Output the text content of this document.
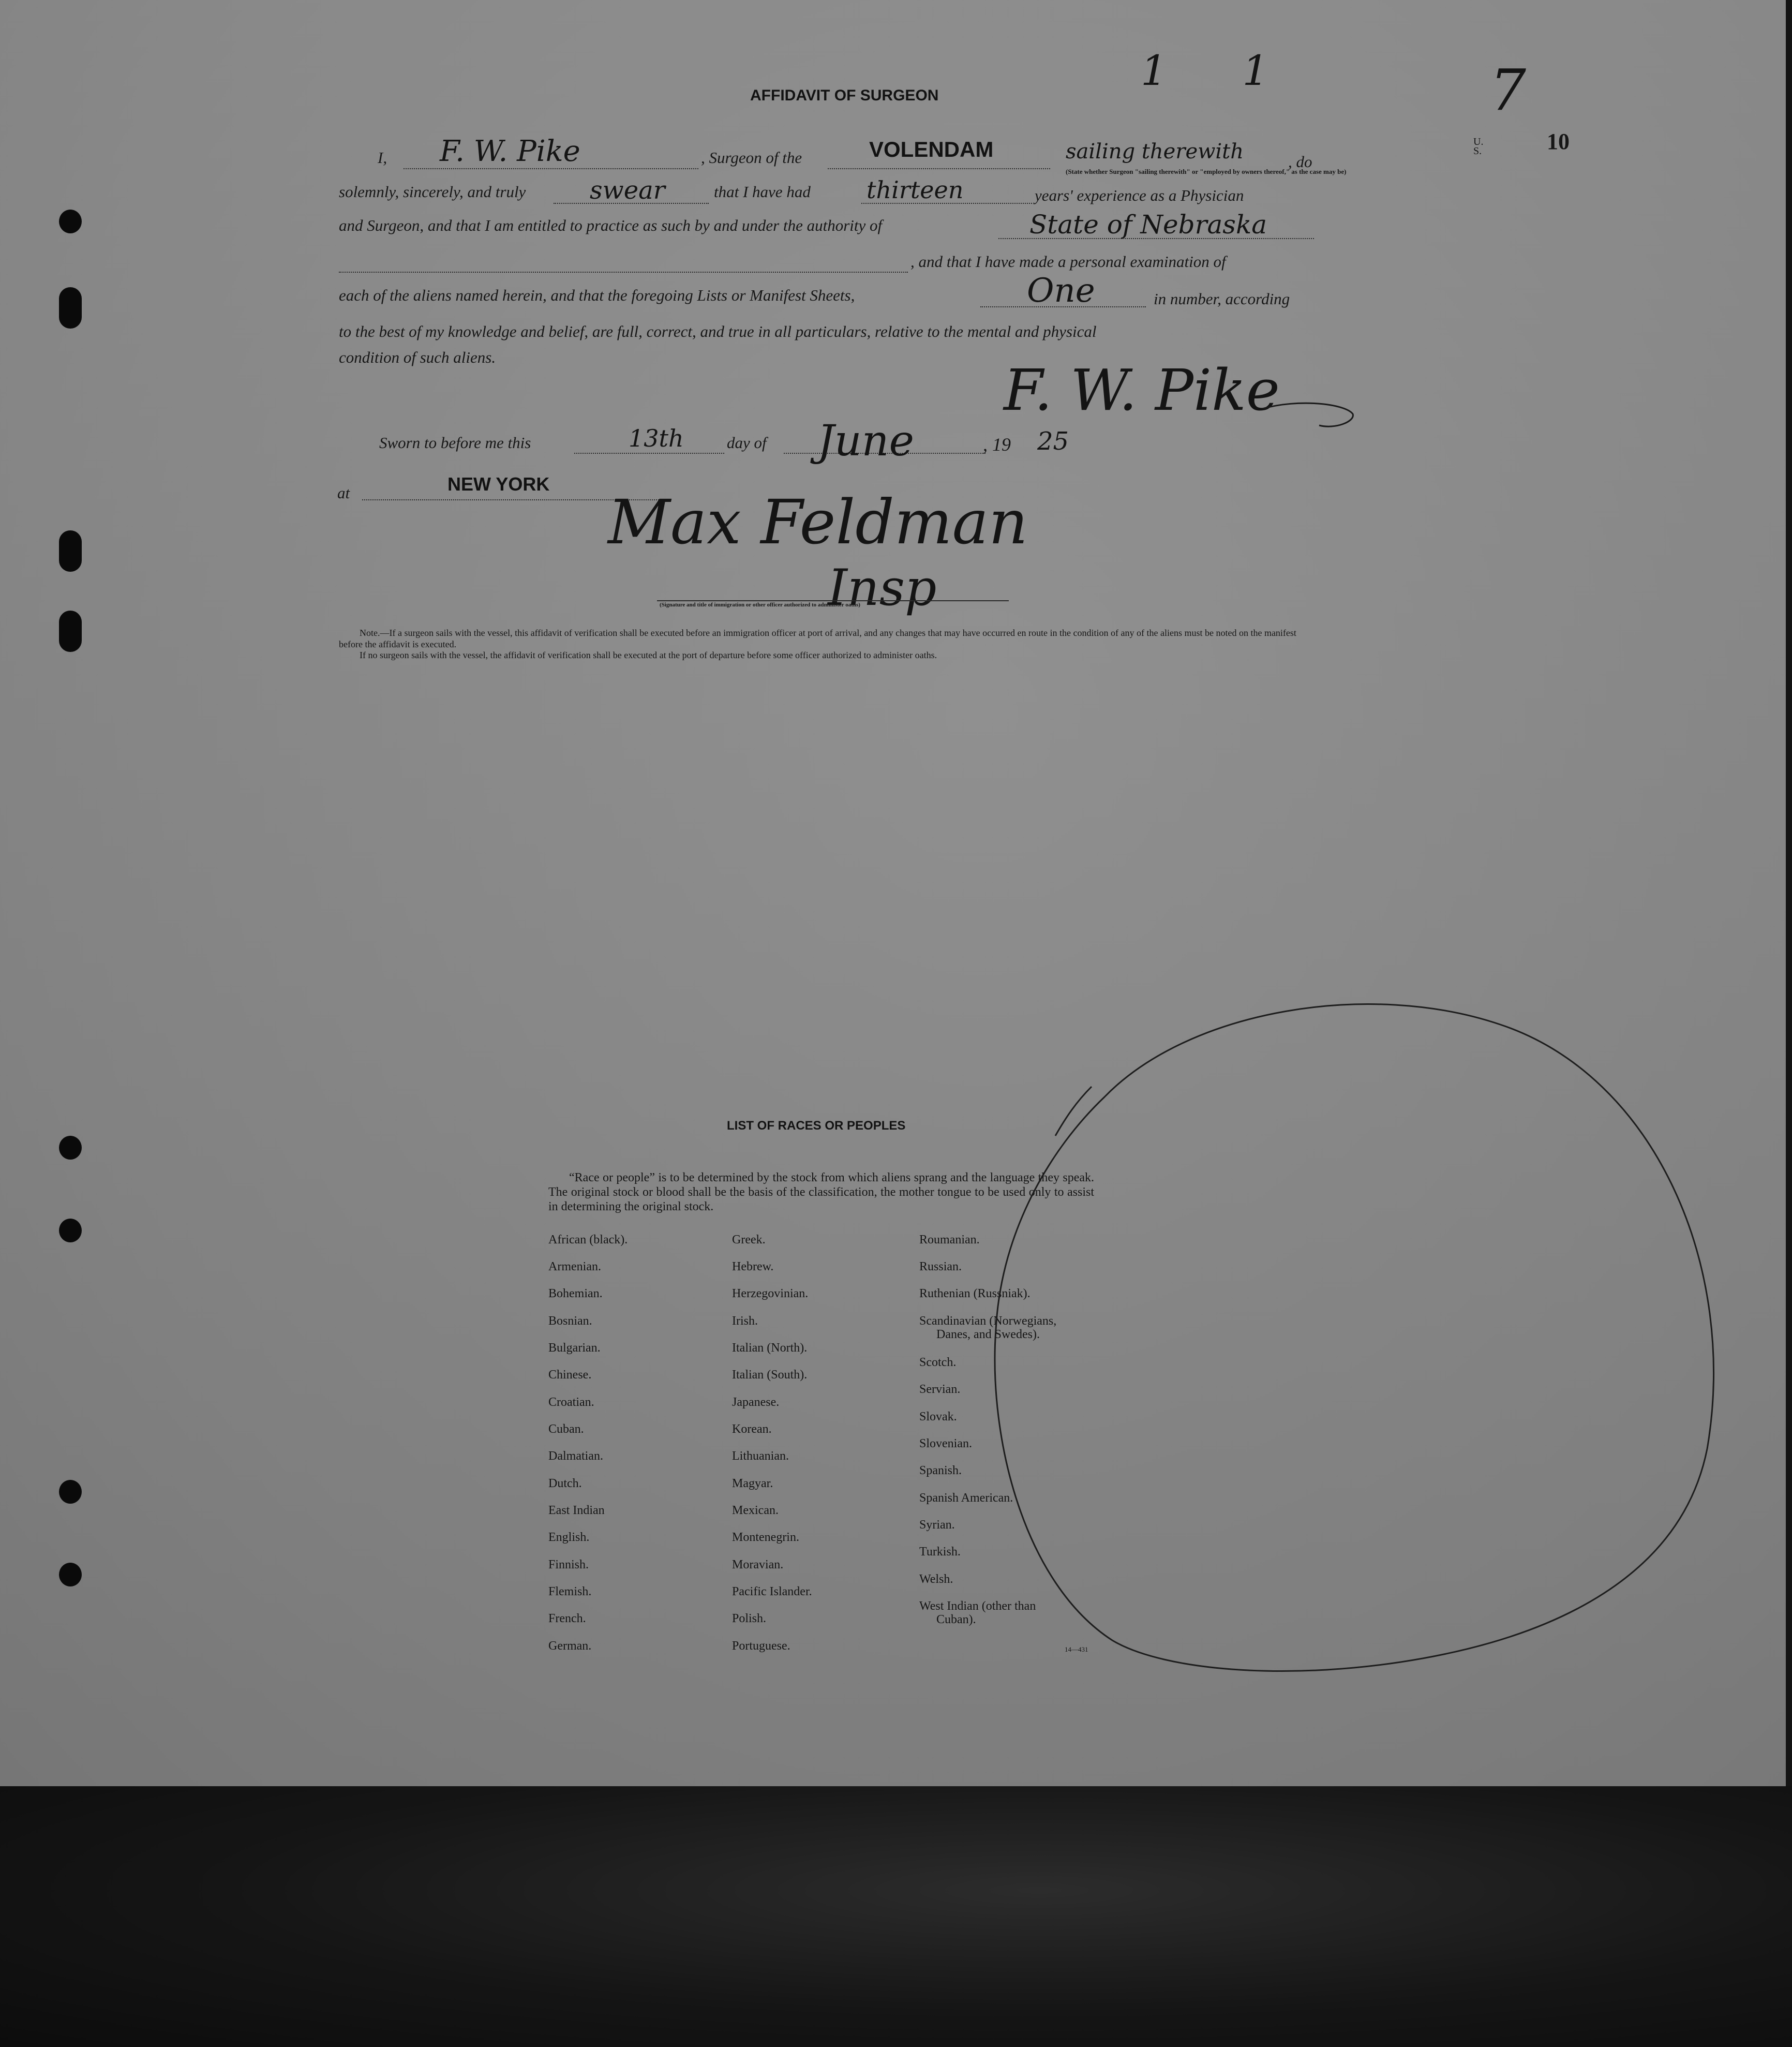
1 1	7
U.S.	10
AFFIDAVIT OF SURGEON
I, F. W. Pike	, Surgeon of the	VOLENDAM	sailing therewith
(State whether Surgeon "sailing therewith" or "employed by owners thereof," as the case may be)
, do
solemnly, sincerely, and truly	swear	that I have had thirteen	years' experience as a Physician
and Surgeon, and that I am entitled to practice as such by and under the authority of	State of Nebraska
, and that I have made a personal examination of
each of the aliens named herein, and that the foregoing Lists or Manifest Sheets,	One	in number, according
to the best of my knowledge and belief, are full, correct, and true in all particulars, relative to the mental and physical
condition of such aliens.	F. W. Pike
Sworn to before me this	13th	day of June	, 19 25
at	NEW YORK
Max Feldman
Insp
(Signature and title of immigration or other officer authorized to administer oaths)
Note.—If a surgeon sails with the vessel, this affidavit of verification shall be executed before an immigration officer at port of arrival, and any changes that may have occurred en route in the condition of any of the aliens must be noted on the manifest before the affidavit is executed.
If no surgeon sails with the vessel, the affidavit of verification shall be executed at the port of departure before some officer authorized to administer oaths.
LIST OF RACES OR PEOPLES
“Race or people” is to be determined by the stock from which aliens sprang and the language they speak. The original stock or blood shall be the basis of the classification, the mother tongue to be used only to assist in determining the original stock.
African (black).
Armenian.
Bohemian.
Bosnian.
Bulgarian.
Chinese.
Croatian.
Cuban.
Dalmatian.
Dutch.
East Indian
English.
Finnish.
Flemish.
French.
German.
Greek.
Hebrew.
Herzegovinian.
Irish.
Italian (North).
Italian (South).
Japanese.
Korean.
Lithuanian.
Magyar.
Mexican.
Montenegrin.
Moravian.
Pacific Islander.
Polish.
Portuguese.
Roumanian.
Russian.
Ruthenian (Russniak).
Scandinavian (Norwegians,
Danes, and Swedes).
Scotch.
Servian.
Slovak.
Slovenian.
Spanish.
Spanish American.
Syrian.
Turkish.
Welsh.
West Indian (other than
Cuban).
14—431
